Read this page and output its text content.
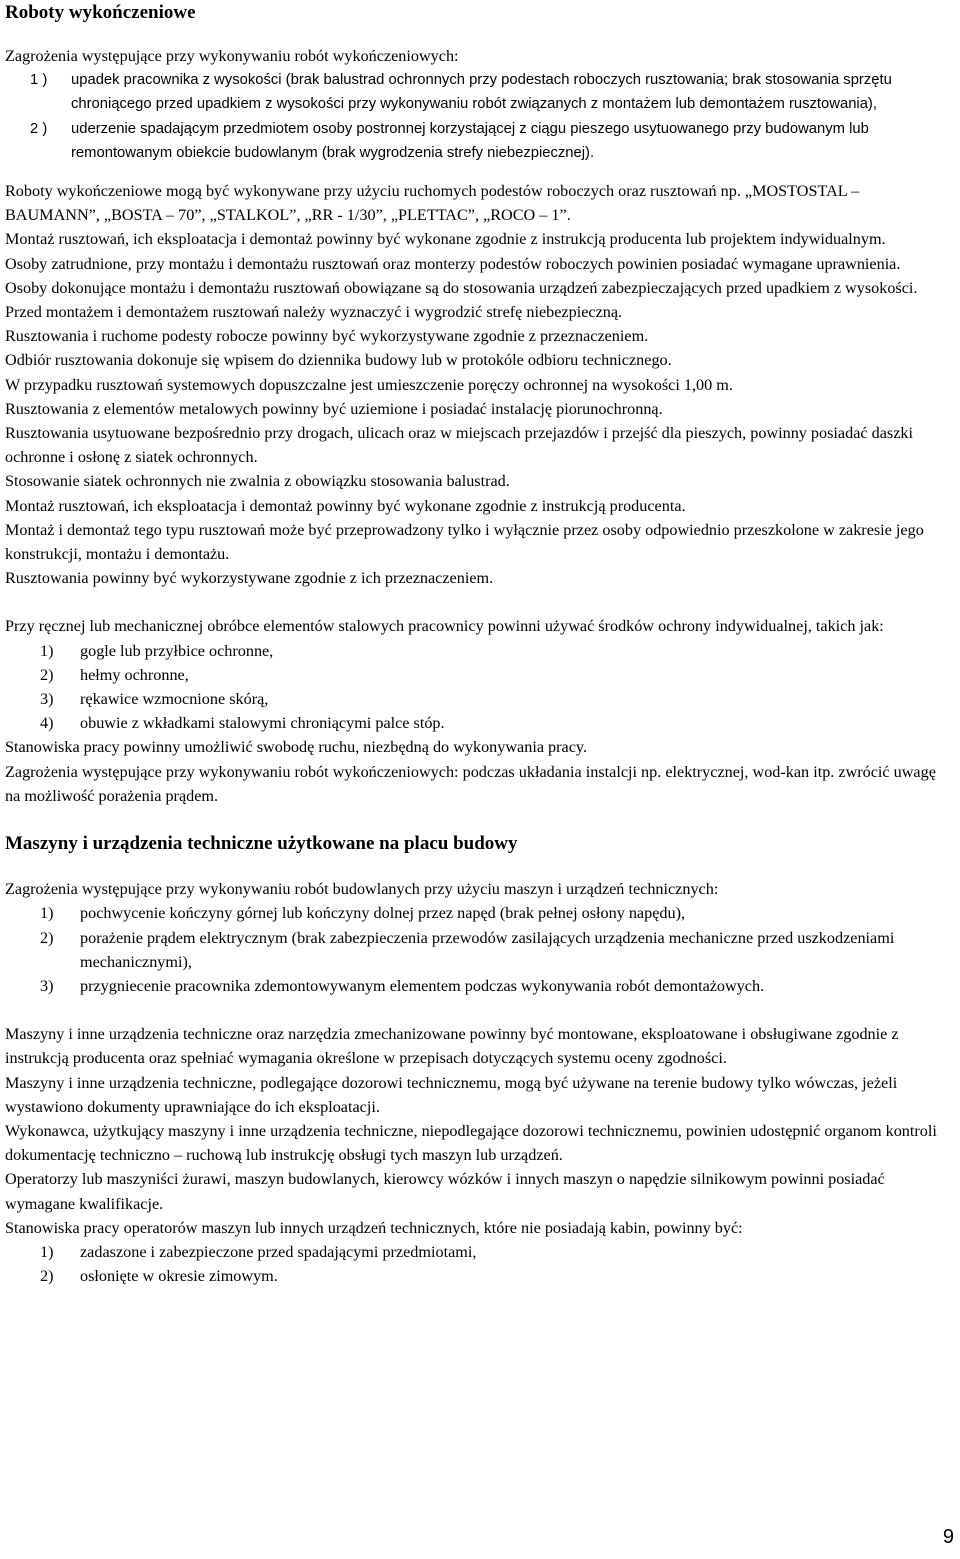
Roboty wykończeniowe

Zagrożenia występujące przy wykonywaniu robót wykończeniowych:

1 )	upadek pracownika z wysokości (brak balustrad ochronnych przy podestach roboczych rusztowania; brak stosowania sprzętu chroniącego przed upadkiem z wysokości przy wykonywaniu robót związanych z montażem lub demontażem rusztowania),
2 )	uderzenie spadającym przedmiotem osoby postronnej korzystającej z ciągu pieszego usytuowanego przy budowanym lub remontowanym obiekcie budowlanym (brak wygrodzenia strefy niebezpiecznej).

Roboty wykończeniowe mogą być wykonywane przy użyciu ruchomych podestów roboczych oraz rusztowań np. „MOSTOSTAL – BAUMANN”, „BOSTA – 70”, „STALKOL”, „RR - 1/30”, „PLETTAC”, „ROCO – 1”.

Montaż rusztowań, ich eksploatacja i demontaż powinny być wykonane zgodnie z instrukcją producenta lub projektem indywidualnym.

Osoby zatrudnione, przy montażu i demontażu rusztowań oraz monterzy podestów roboczych powinien posiadać wymagane uprawnienia.

Osoby dokonujące montażu i demontażu rusztowań obowiązane są do stosowania urządzeń zabezpieczających przed upadkiem z wysokości.

Przed montażem i demontażem rusztowań należy wyznaczyć i wygrodzić strefę niebezpieczną.

Rusztowania i ruchome podesty robocze powinny być wykorzystywane zgodnie z przeznaczeniem.

Odbiór rusztowania dokonuje się wpisem do dziennika budowy lub w protokóle odbioru technicznego.

W przypadku rusztowań systemowych dopuszczalne jest umieszczenie poręczy ochronnej na wysokości 1,00 m.

Rusztowania z elementów metalowych powinny być uziemione i posiadać instalację piorunochronną.

Rusztowania usytuowane bezpośrednio przy drogach, ulicach oraz w miejscach przejazdów i przejść dla pieszych, powinny posiadać daszki ochronne i osłonę z siatek ochronnych.

Stosowanie siatek ochronnych nie zwalnia z obowiązku stosowania balustrad.

Montaż rusztowań, ich eksploatacja i demontaż powinny być wykonane zgodnie z instrukcją producenta.

Montaż i demontaż tego typu rusztowań może być przeprowadzony tylko i wyłącznie przez osoby odpowiednio przeszkolone w zakresie jego konstrukcji, montażu i demontażu.

Rusztowania powinny być wykorzystywane zgodnie z ich przeznaczeniem.

Przy ręcznej lub mechanicznej obróbce elementów stalowych pracownicy powinni używać środków ochrony indywidualnej, takich jak:

1)	gogle lub przyłbice ochronne,
2)	hełmy ochronne,
3)	rękawice wzmocnione skórą,
4)	obuwie z wkładkami stalowymi chroniącymi palce stóp.

Stanowiska pracy powinny umożliwić swobodę ruchu, niezbędną do wykonywania pracy.

Zagrożenia występujące przy wykonywaniu robót wykończeniowych: podczas układania instalcji np. elektrycznej, wod-kan itp. zwrócić uwagę na możliwość porażenia prądem.

Maszyny i urządzenia techniczne użytkowane na placu budowy

Zagrożenia występujące przy wykonywaniu robót budowlanych przy użyciu maszyn i urządzeń technicznych:

1)	pochwycenie kończyny górnej lub kończyny dolnej przez napęd (brak pełnej osłony napędu),
2)	porażenie prądem elektrycznym (brak zabezpieczenia przewodów zasilających urządzenia mechaniczne przed uszkodzeniami mechanicznymi),
3)	przygniecenie pracownika zdemontowywanym elementem podczas wykonywania robót demontażowych.

Maszyny i inne urządzenia techniczne oraz narzędzia zmechanizowane powinny być montowane, eksploatowane i obsługiwane zgodnie z instrukcją producenta oraz spełniać wymagania określone w przepisach dotyczących systemu oceny zgodności.

Maszyny i inne urządzenia techniczne, podlegające dozorowi technicznemu, mogą być używane na terenie budowy tylko wówczas, jeżeli wystawiono dokumenty uprawniające do ich eksploatacji.

Wykonawca, użytkujący maszyny i inne urządzenia techniczne, niepodlegające dozorowi technicznemu, powinien udostępnić organom kontroli dokumentację techniczno – ruchową lub instrukcję obsługi tych maszyn lub urządzeń.

Operatorzy lub maszyniści żurawi, maszyn budowlanych, kierowcy wózków i innych maszyn o napędzie silnikowym powinni posiadać wymagane kwalifikacje.

Stanowiska pracy operatorów maszyn lub innych urządzeń technicznych, które nie posiadają kabin, powinny być:

1)	zadaszone i zabezpieczone przed spadającymi przedmiotami,
2)	osłonięte w okresie zimowym.
9
